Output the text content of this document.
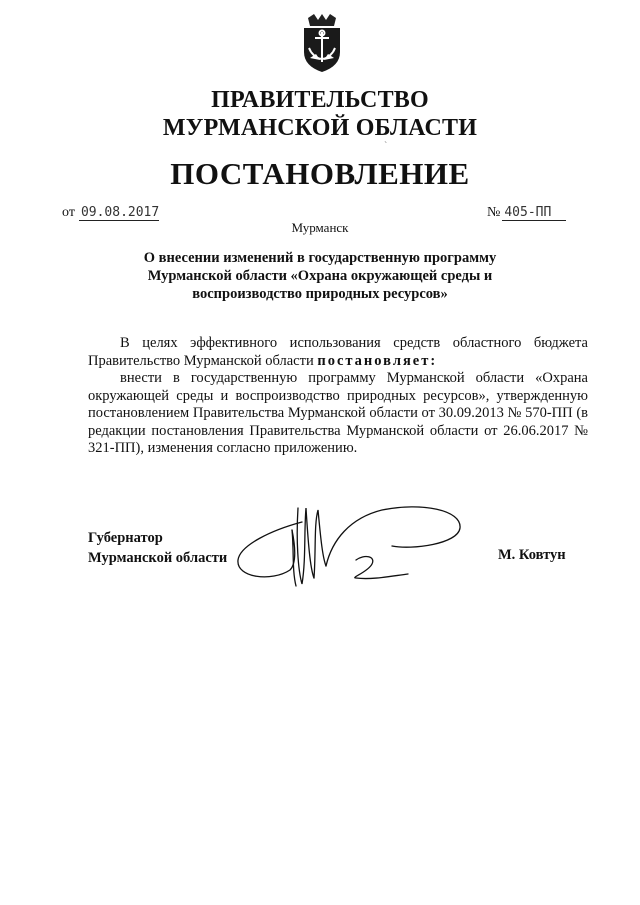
ПРАВИТЕЛЬСТВО
МУРМАНСКОЙ ОБЛАСТИ
`
ПОСТАНОВЛЕНИЕ
от 09.08.2017	№ 405-ПП
Мурманск
О внесении изменений в государственную программу
Мурманской области «Охрана окружающей среды и
воспроизводство природных ресурсов»
В целях эффективного использования средств областного бюджета Правительство Мурманской области постановляет:
внести в государственную программу Мурманской области «Охрана окружающей среды и воспроизводство природных ресурсов», утвержденную постановлением Правительства Мурманской области от 30.09.2013 № 570-ПП (в редакции постановления Правительства Мурманской области от 26.06.2017 № 321-ПП), изменения согласно приложению.
Губернатор
Мурманской области	М. Ковтун
